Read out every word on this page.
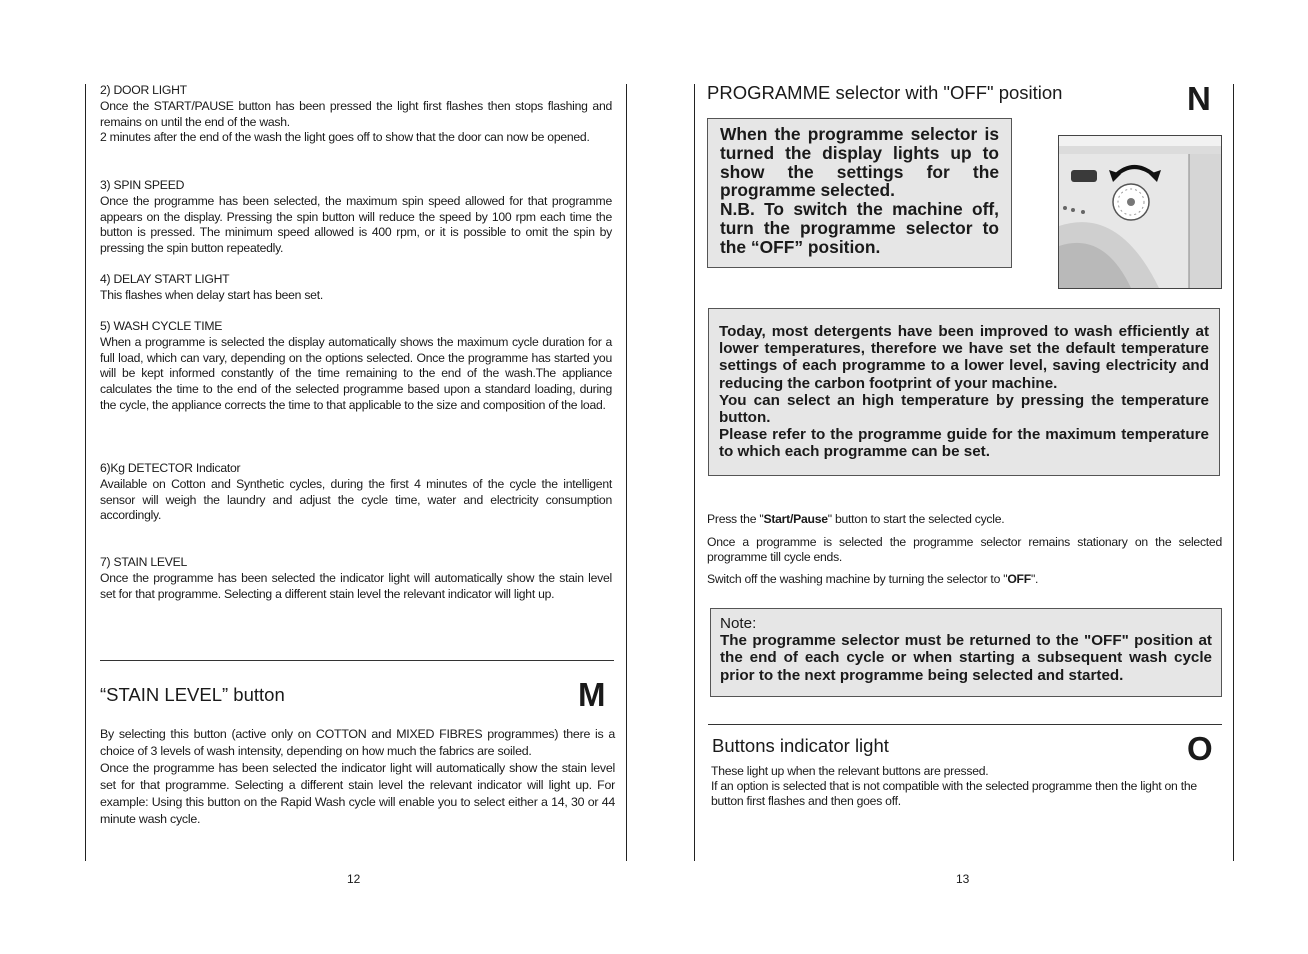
2) DOOR LIGHT

Once the START/PAUSE button has been pressed the light first flashes then stops flashing and remains on until the end of the wash.

2 minutes after the end of the wash the light goes off to show that the door can now be opened.

3) SPIN SPEED

Once the programme has been selected, the maximum spin speed allowed for that programme appears on the display. Pressing the spin button will reduce the speed by 100 rpm each time the button is pressed. The minimum speed allowed is 400 rpm, or it is possible to omit the spin by pressing the spin button repeatedly.

4) DELAY START LIGHT

This flashes when delay start has been set.

5) WASH CYCLE TIME

When a programme is selected the display automatically shows the maximum cycle duration for a full load, which can vary, depending on the options selected. Once the programme has started you will be kept informed constantly of the time remaining to the end of the wash.The appliance calculates the time to the end of the selected programme based upon a standard loading, during the cycle, the appliance corrects the time to that applicable to the size and composition of the load.

6)Kg DETECTOR Indicator

Available on Cotton and Synthetic cycles, during the first 4 minutes of the cycle the intelligent sensor will weigh the laundry and adjust the cycle time, water and electricity consumption accordingly.

7) STAIN LEVEL

Once the programme has been selected the indicator light will automatically show the stain level set for that programme. Selecting a different stain level the relevant indicator will light up.

“STAIN LEVEL” button	M

By selecting this button (active only on COTTON and MIXED FIBRES programmes) there is a choice of 3 levels of wash intensity, depending on how much the fabrics are soiled.

Once the programme has been selected the indicator light will automatically show the stain level set for that programme. Selecting a different stain level the relevant indicator will light up. For example: Using this button on the Rapid Wash cycle will enable you to select either a 14, 30 or 44 minute wash cycle.

12
PROGRAMME selector with "OFF" position	N

When the programme selector is turned the display lights up to show the settings for the programme selected.

N.B. To switch the machine off, turn the programme selector to the “OFF” position.

Today, most detergents have been improved to wash efficiently at lower temperatures, therefore we have set the default temperature settings of each programme to a lower level, saving electricity and reducing the carbon footprint of your machine.

You can select an high temperature by pressing the temperature button.

Please refer to the programme guide for the maximum temperature to which each programme can be set.

Press the "Start/Pause" button to start the selected cycle.

Once a programme is selected the programme selector remains stationary on the selected programme till cycle ends.

Switch off the washing machine by turning the selector to "OFF".

Note:

The programme selector must be returned to the "OFF" position at the end of each cycle or when starting a subsequent wash cycle prior to the next programme being selected and started.

Buttons indicator light	O

These light up when the relevant buttons are pressed.

If an option is selected that is not compatible with the selected programme then the light on the button first flashes and then goes off.

13
